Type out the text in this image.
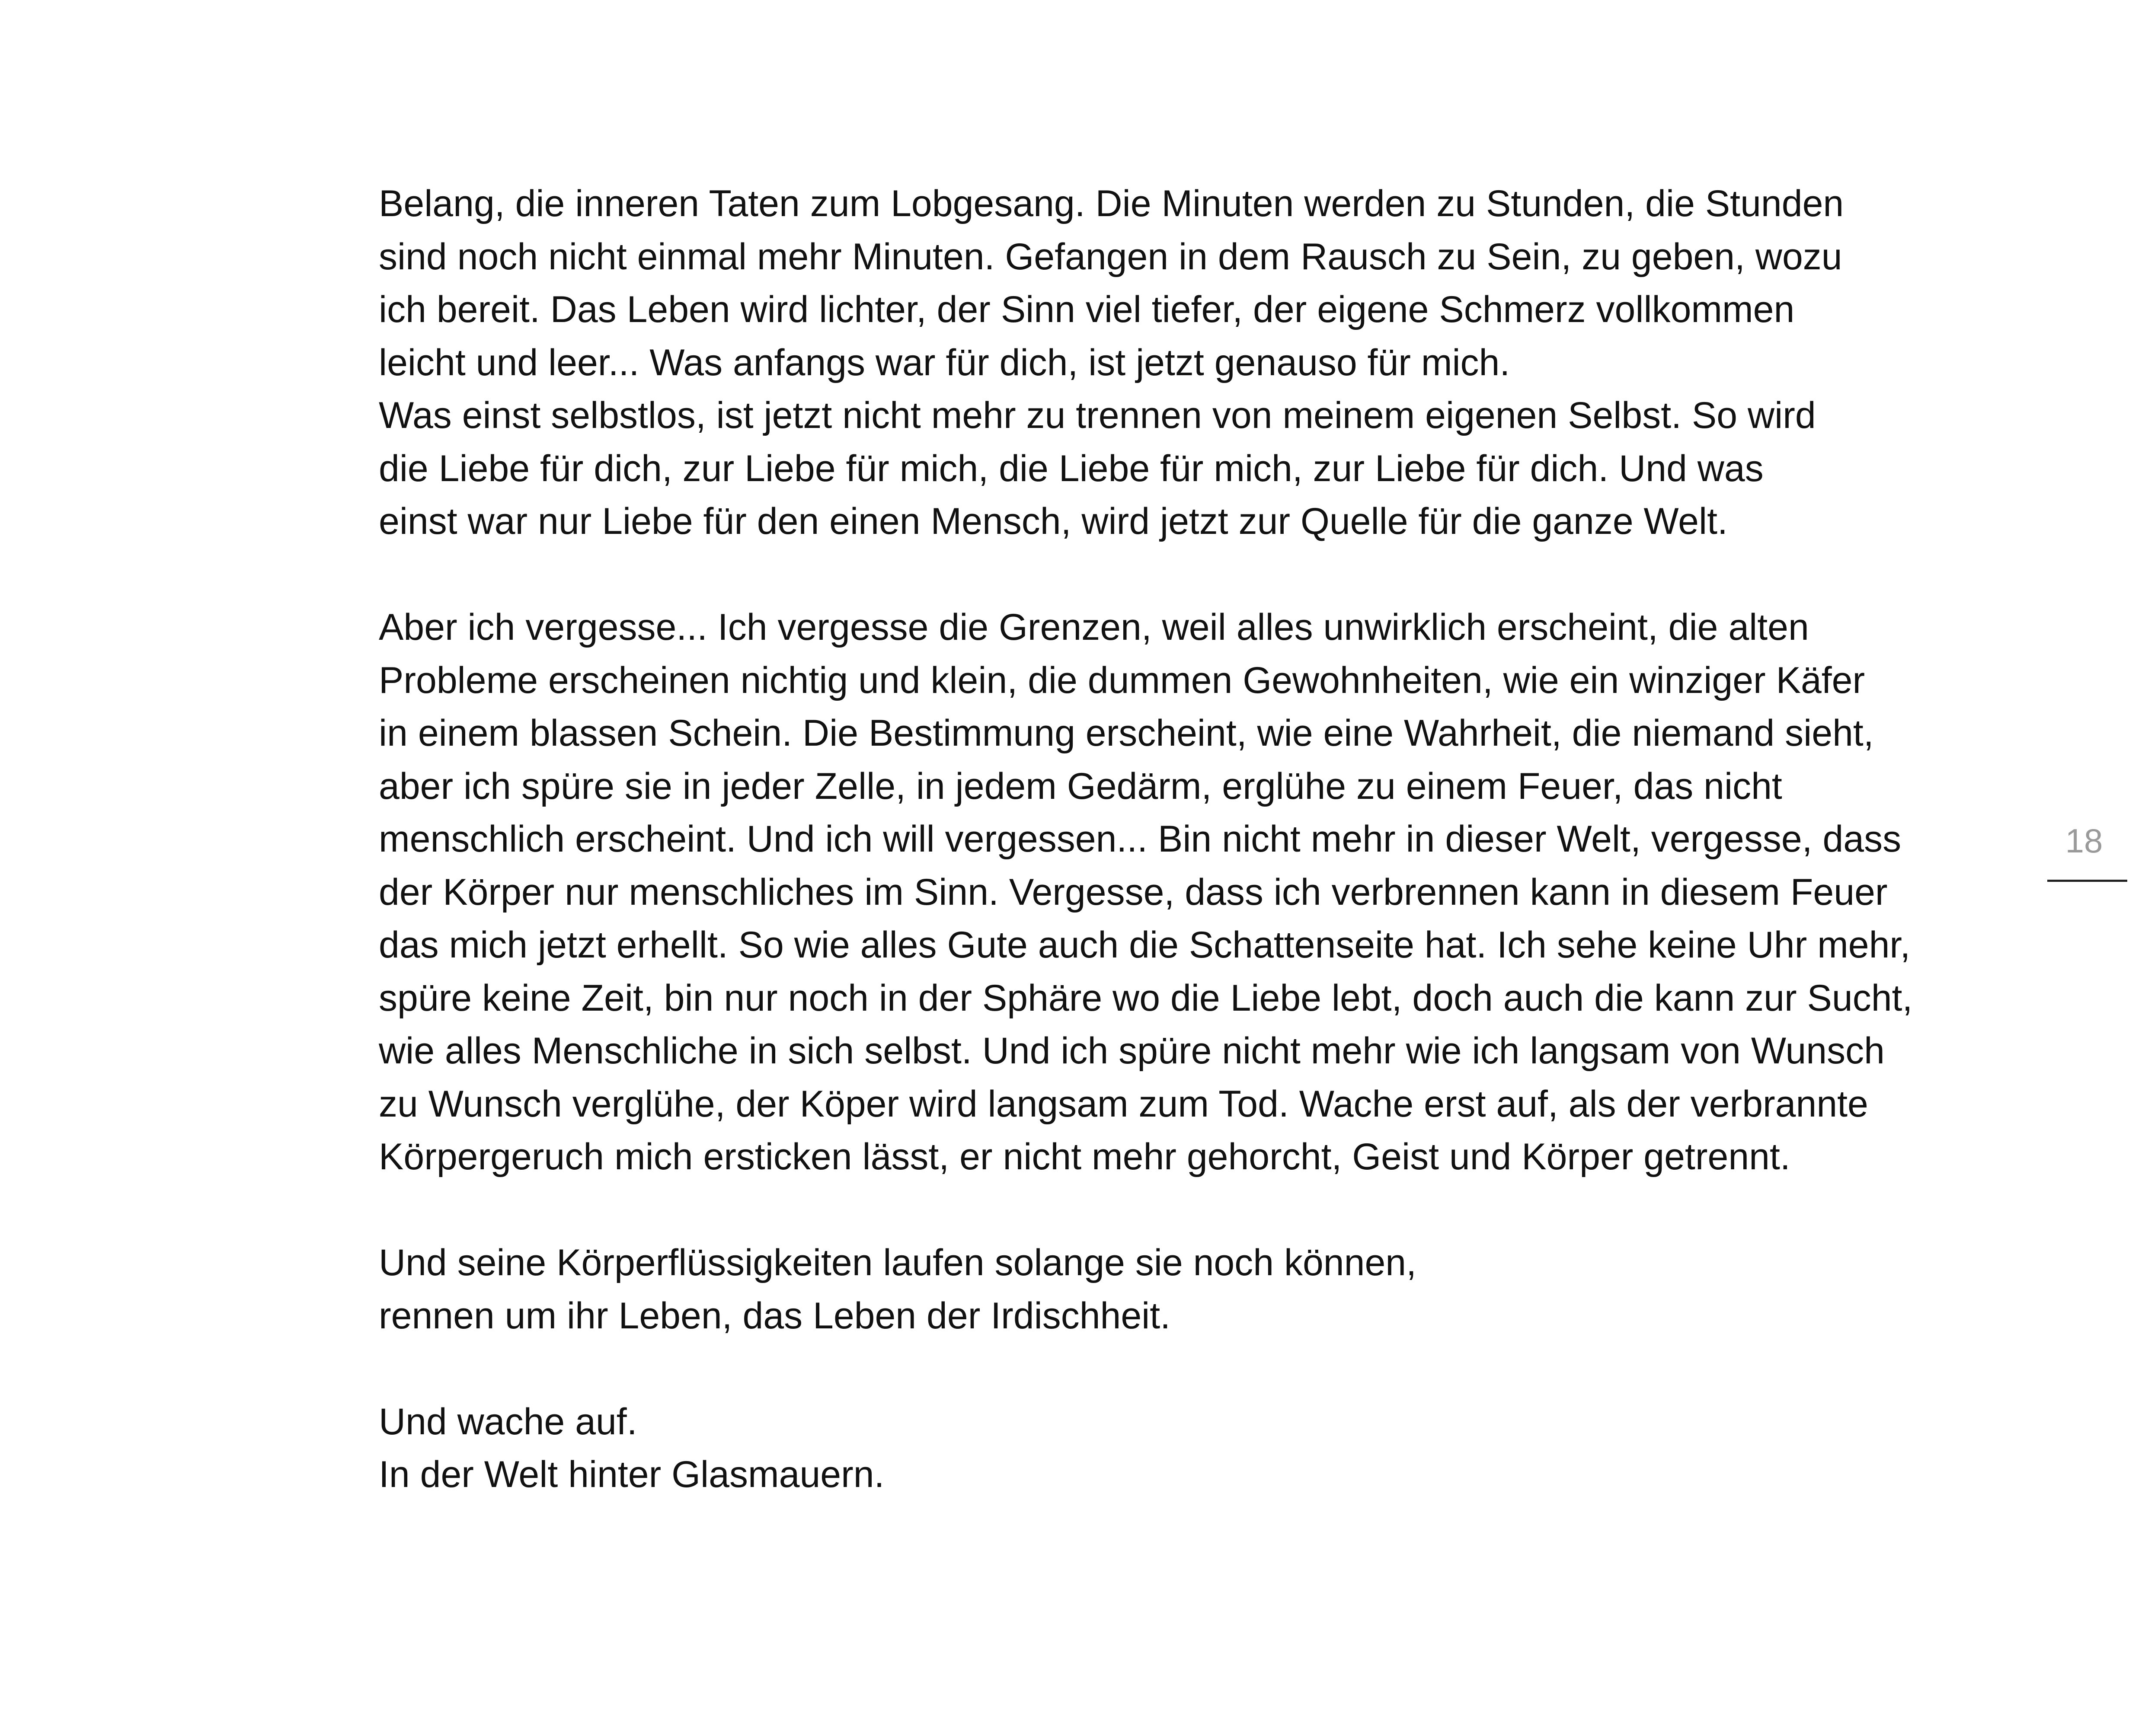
Belang, die inneren Taten zum Lobgesang. Die Minuten werden zu Stunden, die Stunden
sind noch nicht einmal mehr Minuten. Gefangen in dem Rausch zu Sein, zu geben, wozu
ich bereit. Das Leben wird lichter, der Sinn viel tiefer, der eigene Schmerz vollkommen
leicht und leer... Was anfangs war für dich, ist jetzt genauso für mich.
Was einst selbstlos, ist jetzt nicht mehr zu trennen von meinem eigenen Selbst. So wird
die Liebe für dich, zur Liebe für mich, die Liebe für mich, zur Liebe für dich. Und was
einst war nur Liebe für den einen Mensch, wird jetzt zur Quelle für die ganze Welt.

Aber ich vergesse... Ich vergesse die Grenzen, weil alles unwirklich erscheint, die alten
Probleme erscheinen nichtig und klein, die dummen Gewohnheiten, wie ein winziger Käfer
in einem blassen Schein. Die Bestimmung erscheint, wie eine Wahrheit, die niemand sieht,
aber ich spüre sie in jeder Zelle, in jedem Gedärm, erglühe zu einem Feuer, das nicht
menschlich erscheint. Und ich will vergessen... Bin nicht mehr in dieser Welt, vergesse, dass
der Körper nur menschliches im Sinn. Vergesse, dass ich verbrennen kann in diesem Feuer
das mich jetzt erhellt. So wie alles Gute auch die Schattenseite hat. Ich sehe keine Uhr mehr,
spüre keine Zeit, bin nur noch in der Sphäre wo die Liebe lebt, doch auch die kann zur Sucht,
wie alles Menschliche in sich selbst. Und ich spüre nicht mehr wie ich langsam von Wunsch
zu Wunsch verglühe, der Köper wird langsam zum Tod. Wache erst auf, als der verbrannte
Körpergeruch mich ersticken lässt, er nicht mehr gehorcht, Geist und Körper getrennt.

Und seine Körperflüssigkeiten laufen solange sie noch können,
rennen um ihr Leben, das Leben der Irdischheit.

Und wache auf.
In der Welt hinter Glasmauern.

18
